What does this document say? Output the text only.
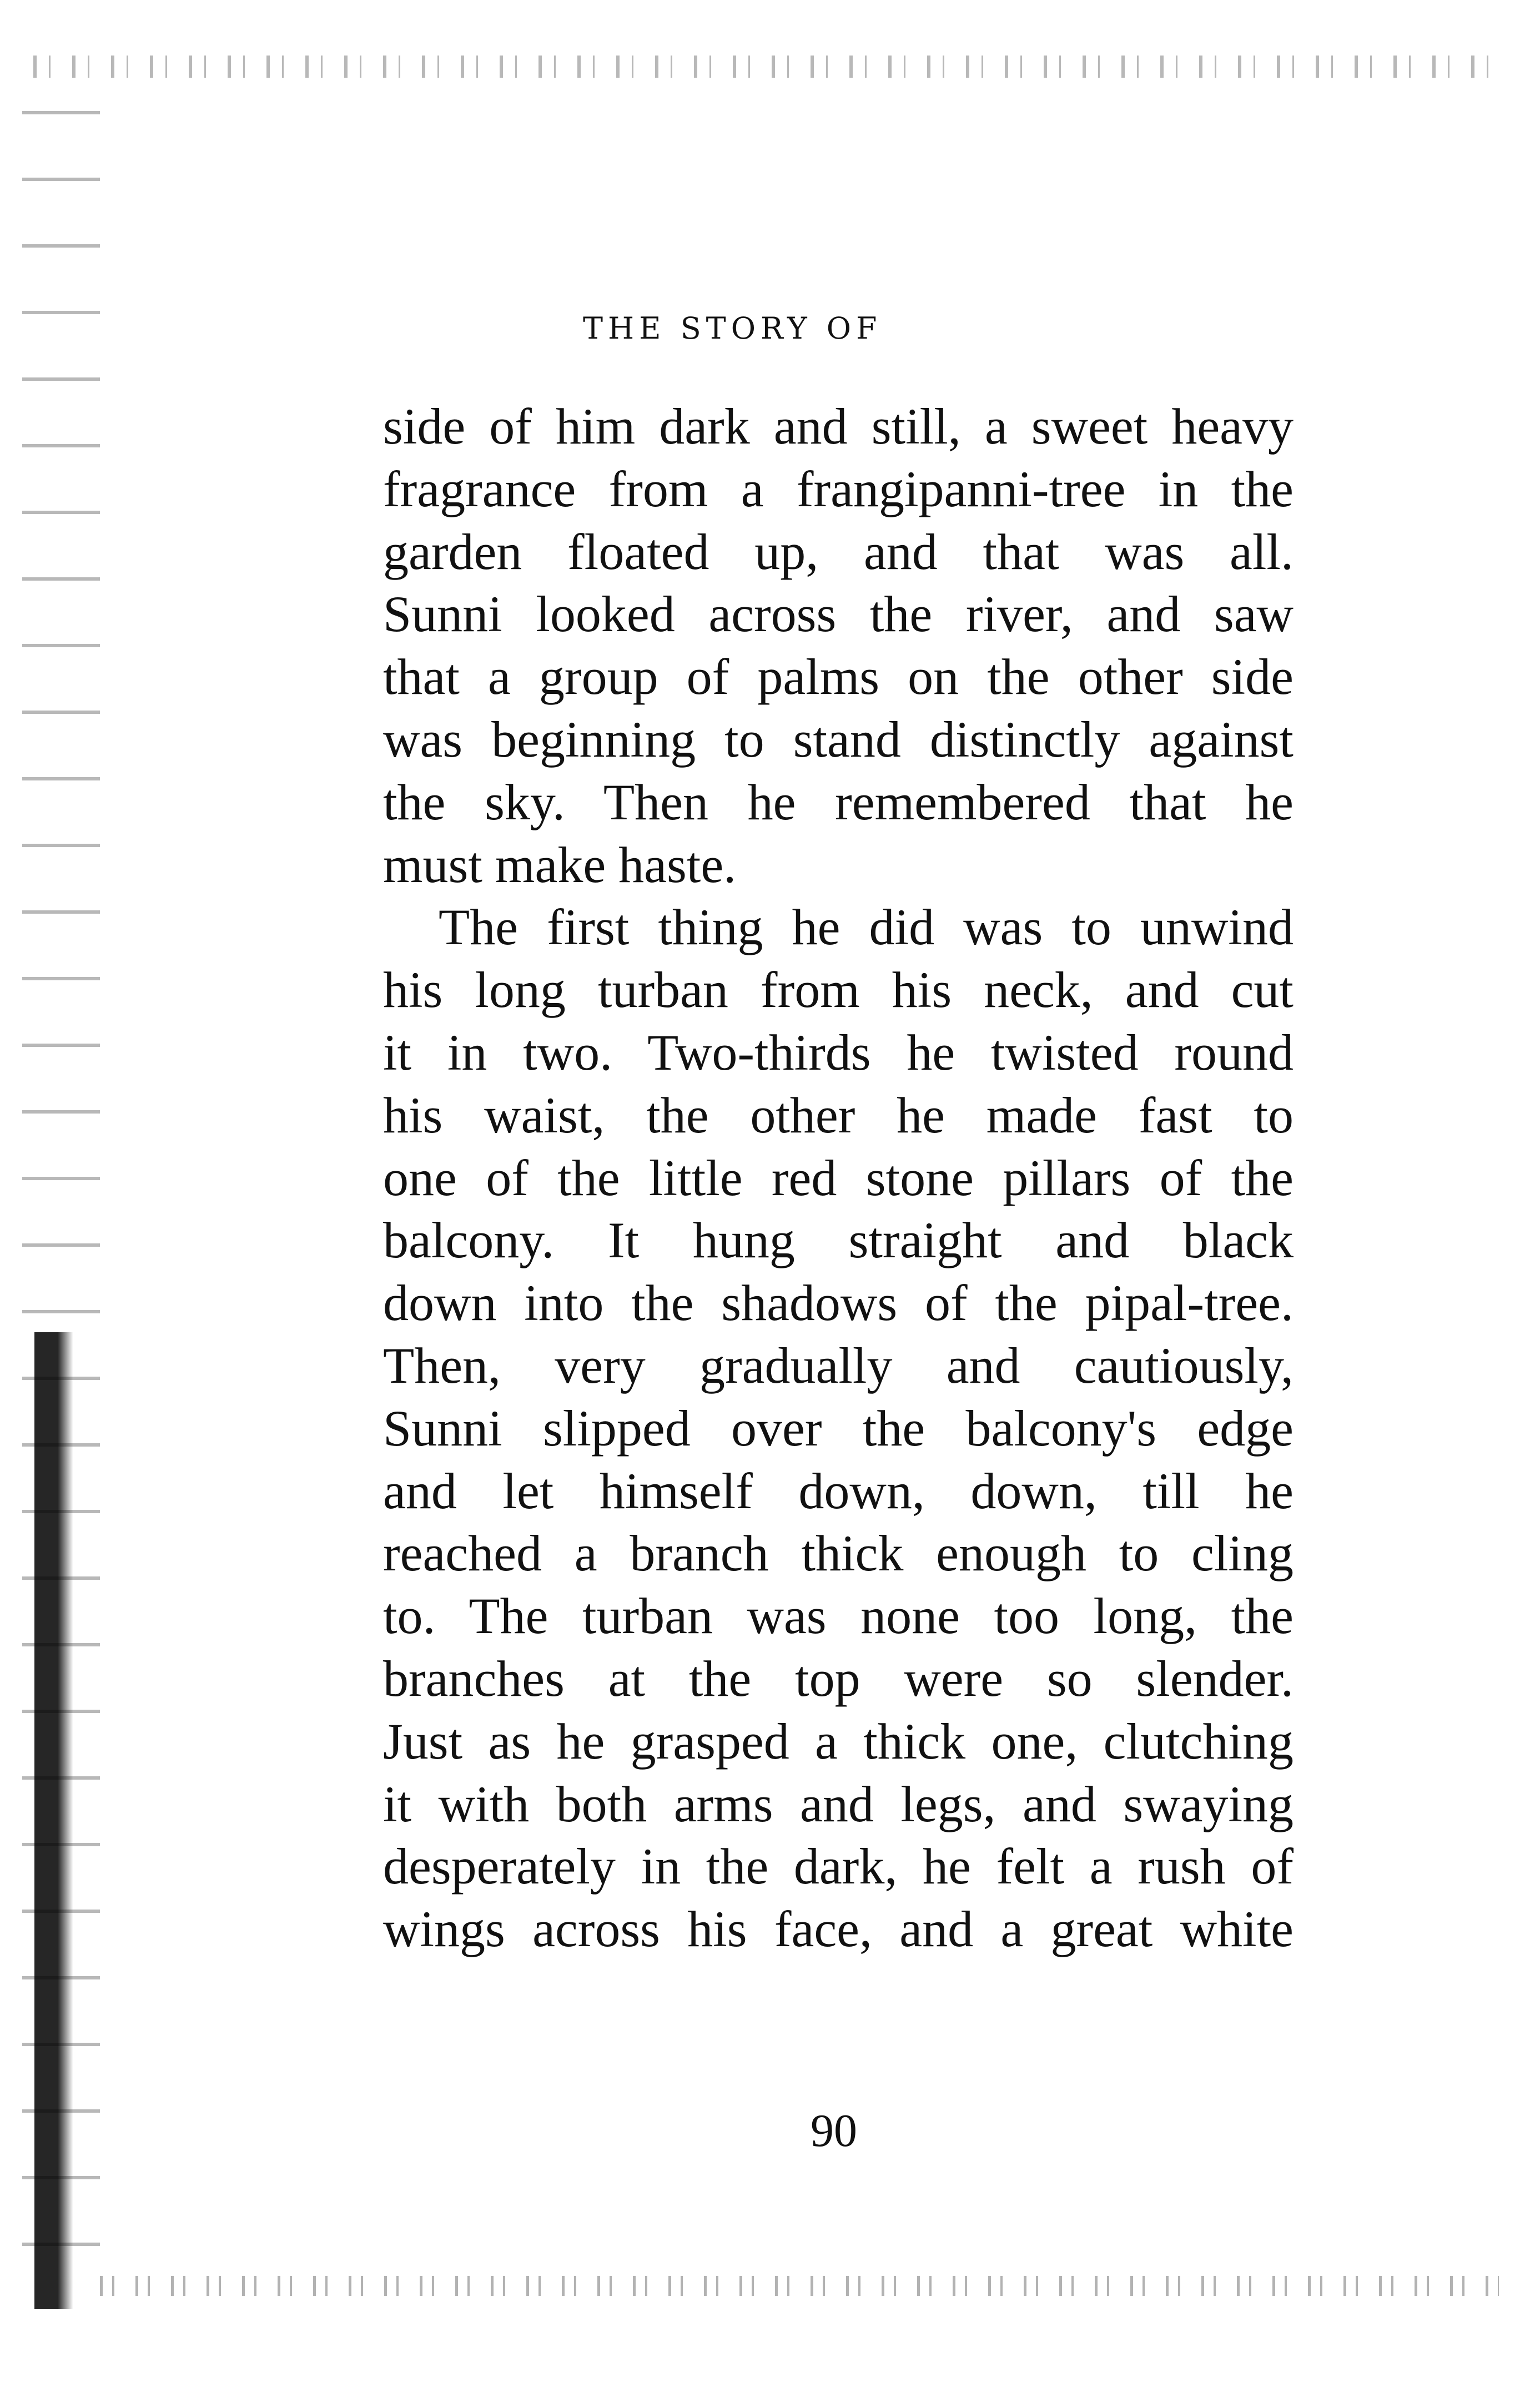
THE STORY OF
side of him dark and still, a sweet heavy
fragrance from a frangipanni-tree in the
garden floated up, and that was all.
Sunni looked across the river, and saw
that a group of palms on the other side
was beginning to stand distinctly against
the sky. Then he remembered that he
must make haste.
The first thing he did was to unwind
his long turban from his neck, and cut
it in two. Two-thirds he twisted round
his waist, the other he made fast to
one of the little red stone pillars of the
balcony. It hung straight and black
down into the shadows of the pipal-tree.
Then, very gradually and cautiously,
Sunni slipped over the balcony's edge
and let himself down, down, till he
reached a branch thick enough to cling
to. The turban was none too long, the
branches at the top were so slender.
Just as he grasped a thick one, clutching
it with both arms and legs, and swaying
desperately in the dark, he felt a rush of
wings across his face, and a great white
90
